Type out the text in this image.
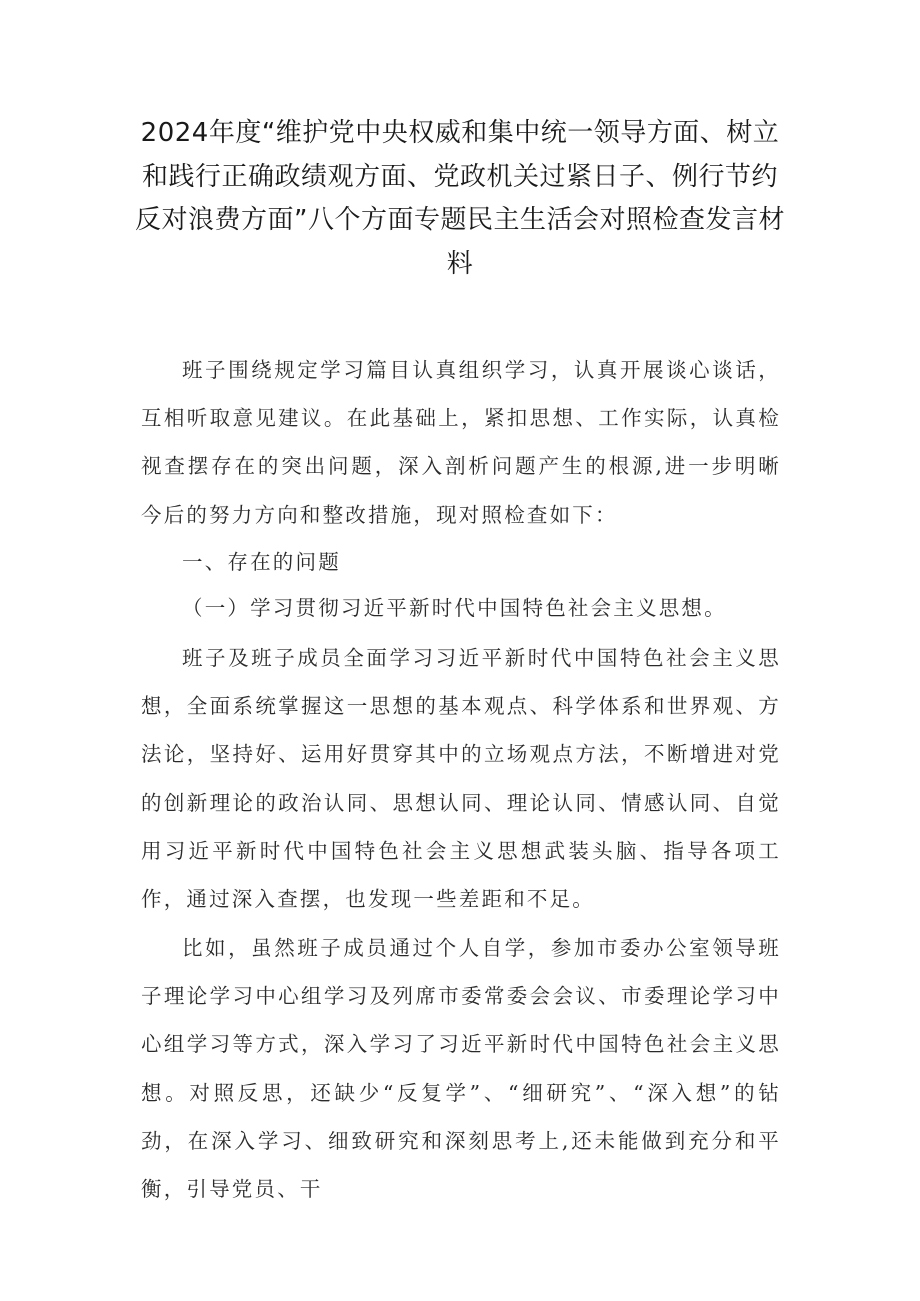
2024年度“维护党中央权威和集中统一领导方面、树立和践行正确政绩观方面、党政机关过紧日子、例行节约反对浪费方面”八个方面专题民主生活会对照检查发言材料

班子围绕规定学习篇目认真组织学习，认真开展谈心谈话，互相听取意见建议。在此基础上，紧扣思想、工作实际，认真检视查摆存在的突出问题，深入剖析问题产生的根源,进一步明晰今后的努力方向和整改措施，现对照检查如下：

一、存在的问题

（一）学习贯彻习近平新时代中国特色社会主义思想。

班子及班子成员全面学习习近平新时代中国特色社会主义思想，全面系统掌握这一思想的基本观点、科学体系和世界观、方法论，坚持好、运用好贯穿其中的立场观点方法，不断增进对党的创新理论的政治认同、思想认同、理论认同、情感认同、自觉用习近平新时代中国特色社会主义思想武装头脑、指导各项工作，通过深入查摆，也发现一些差距和不足。

比如，虽然班子成员通过个人自学，参加市委办公室领导班子理论学习中心组学习及列席市委常委会会议、市委理论学习中心组学习等方式，深入学习了习近平新时代中国特色社会主义思想。对照反思，还缺少“反复学”、“细研究”、“深入想”的钻劲，在深入学习、细致研究和深刻思考上,还未能做到充分和平衡，引导党员、干
